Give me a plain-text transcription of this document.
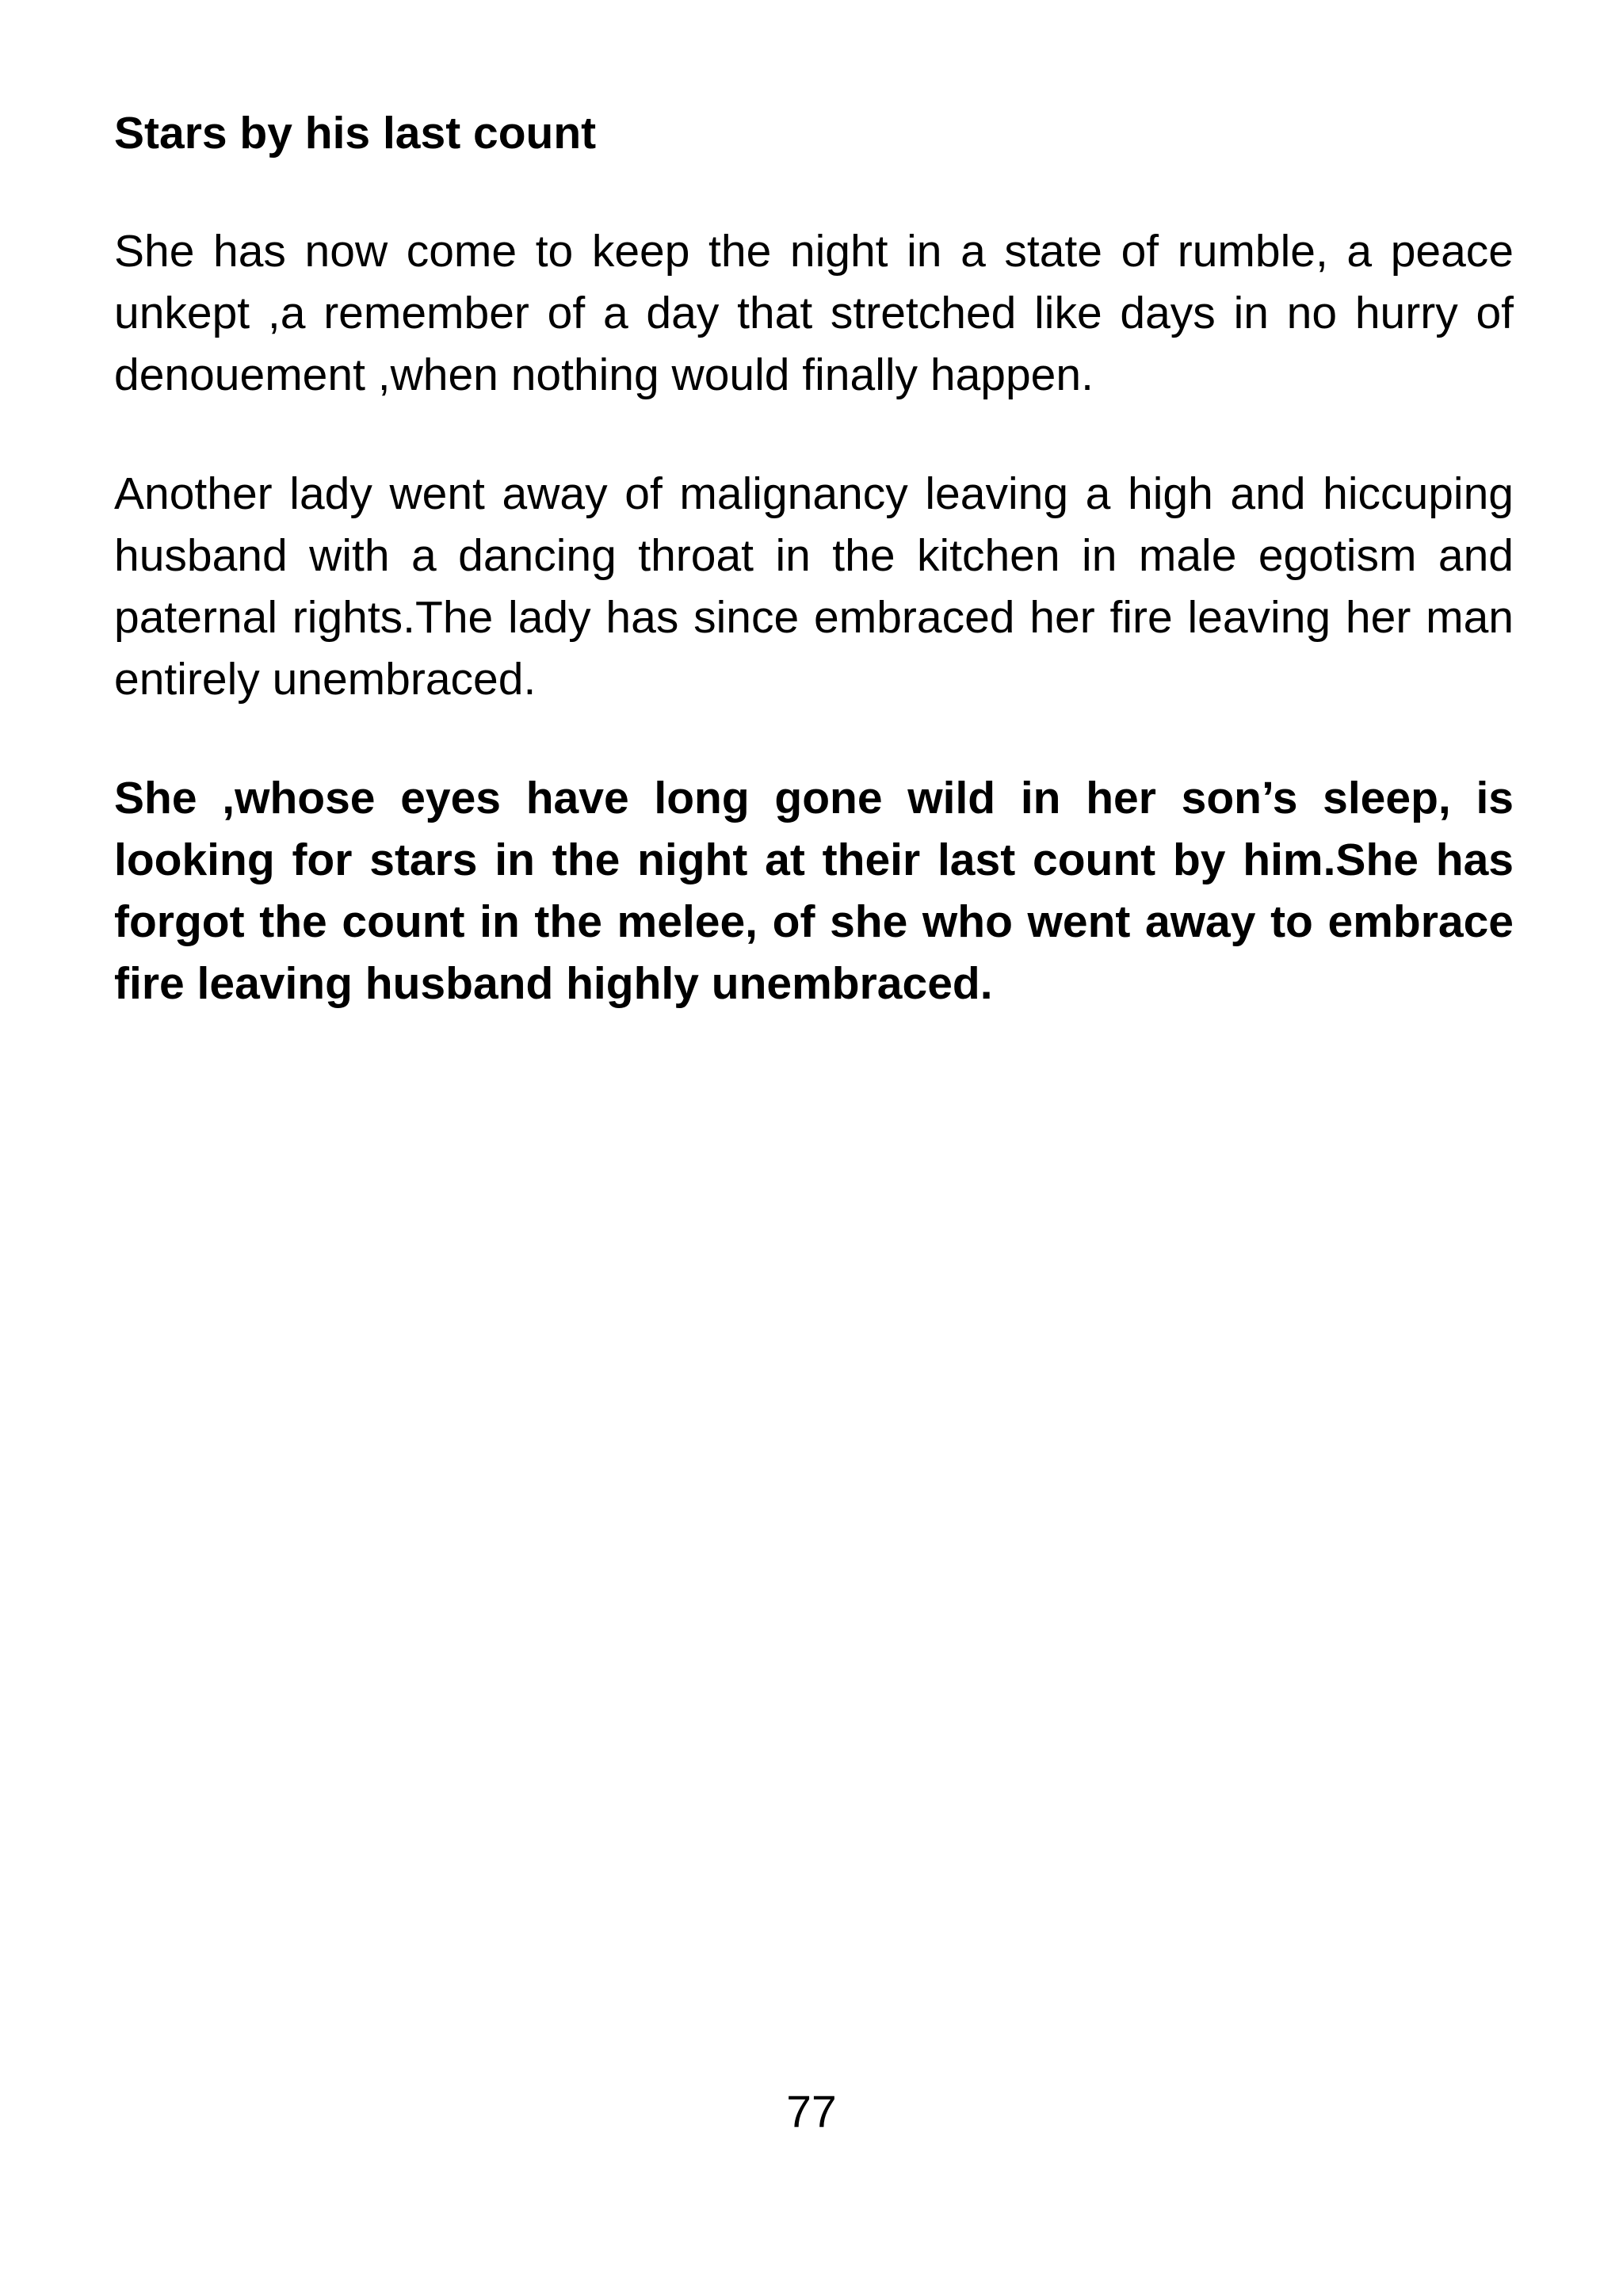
Stars by his last count

She has now come to keep the night in a state of rumble, a peace unkept ,a remember of a day that stretched like days in no hurry of denouement ,when nothing would finally happen.

Another lady went away of malignancy leaving a high and hiccuping husband with a dancing throat in the kitchen in male egotism and paternal rights.The lady has since embraced her fire leaving her man entirely unembraced.

She ,whose eyes have long gone wild in her son’s sleep, is looking for stars in the night at their last count by him.She has forgot the count in the melee, of she who went away to embrace fire leaving husband highly unembraced.

77
